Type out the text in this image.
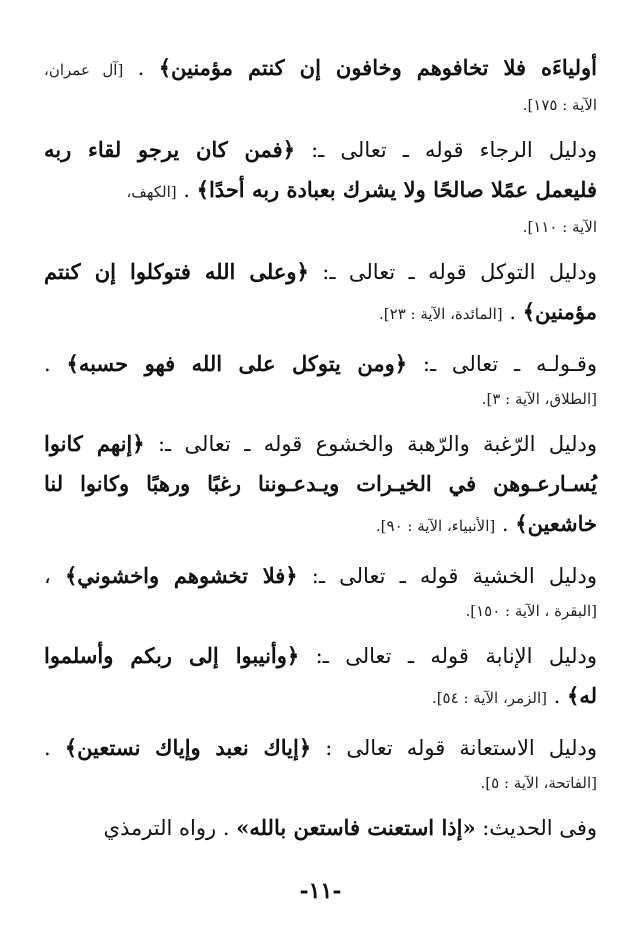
أولياءَه فلا تخافوهم وخافون إن كنتم مؤمنين﴾ . [آل عمران،

الآية : ١٧٥].

ودليل الرجاء قوله ـ تعالى ـ: ﴿فمن كان يرجو لقاء ربه

فليعمل عمًلا صالحًا ولا يشرك بعبادة ربه أحدًا﴾ . [الكهف،

الآية : ١١٠].

ودليل التوكل قوله ـ تعالى ـ: ﴿وعلى الله فتوكلوا إن كنتم

مؤمنين﴾ . [المائدة، الآية : ٢٣].

وقـولـه ـ تعالى ـ: ﴿ومن يتوكل على الله فهو حسبه﴾ .

[الطلاق، الآية : ٣].

ودليل الرّغبة والرّهبة والخشوع قوله ـ تعالى ـ: ﴿إنهم كانوا

يُسـارعـوهن في الخيـرات ويـدعـوننا رغبًا ورهبًا وكانوا لنا

خاشعين﴾ . [الأنبياء، الآية : ٩٠].

ودليل الخشية قوله ـ تعالى ـ: ﴿فلا تخشوهم واخشوني﴾ ،

[البقرة ، الآية : ١٥٠].

ودليل الإنابة قوله ـ تعالى ـ: ﴿وأنيبوا إلى ربكم وأسلموا

له﴾ . [الزمر، الآية : ٥٤].

ودليل الاستعانة قوله تعالى : ﴿إياك نعبد وإياك نستعين﴾ .

[الفاتحة، الآية : ٥].

وفى الحديث: «إذا استعنت فاستعن بالله» . رواه الترمذي

-١١-
